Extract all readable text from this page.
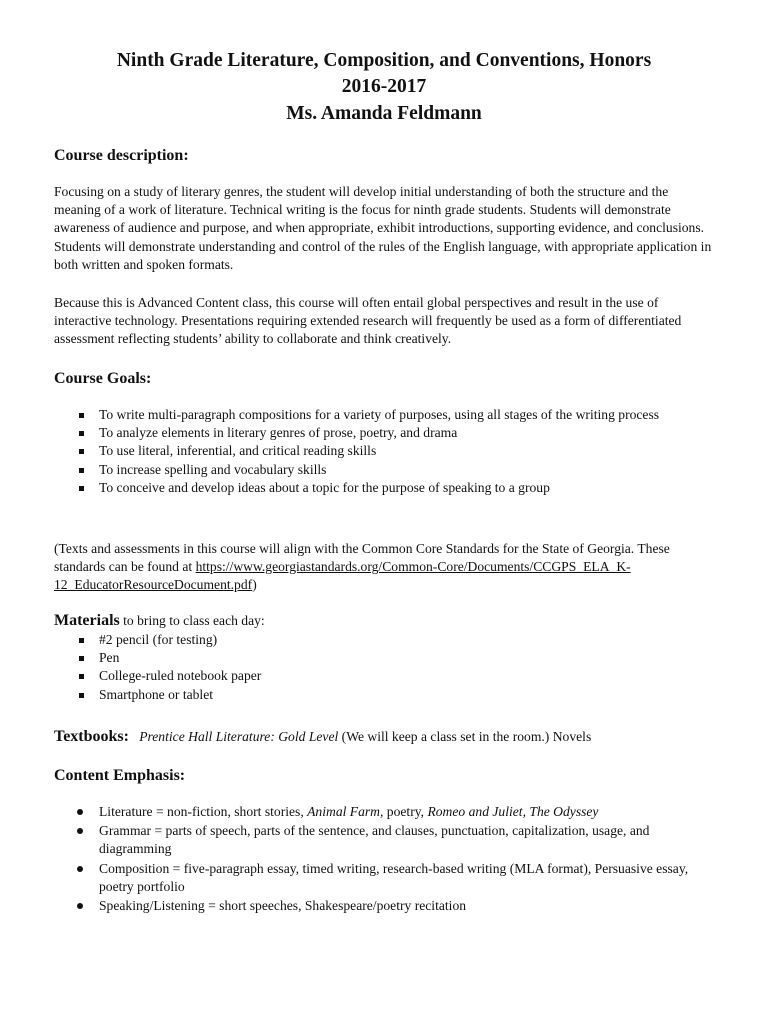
Ninth Grade Literature, Composition, and Conventions, Honors

2016-2017

Ms. Amanda Feldmann

Course description:

Focusing on a study of literary genres, the student will develop initial understanding of both the structure and the meaning of a work of literature. Technical writing is the focus for ninth grade students. Students will demonstrate awareness of audience and purpose, and when appropriate, exhibit introductions, supporting evidence, and conclusions. Students will demonstrate understanding and control of the rules of the English language, with appropriate application in both written and spoken formats.

Because this is Advanced Content class, this course will often entail global perspectives and result in the use of interactive technology. Presentations requiring extended research will frequently be used as a form of differentiated assessment reflecting students’ ability to collaborate and think creatively.

Course Goals:

To write multi-paragraph compositions for a variety of purposes, using all stages of the writing process
To analyze elements in literary genres of prose, poetry, and drama
To use literal, inferential, and critical reading skills
To increase spelling and vocabulary skills
To conceive and develop ideas about a topic for the purpose of speaking to a group

(Texts and assessments in this course will align with the Common Core Standards for the State of Georgia. These standards can be found at https://www.georgiastandards.org/Common-Core/Documents/CCGPS_ELA_K-12_EducatorResourceDocument.pdf)

Materials to bring to class each day:

#2 pencil (for testing)
Pen
College-ruled notebook paper
Smartphone or tablet

Textbooks: Prentice Hall Literature: Gold Level (We will keep a class set in the room.) Novels

Content Emphasis:

Literature = non-fiction, short stories, Animal Farm, poetry, Romeo and Juliet, The Odyssey
Grammar = parts of speech, parts of the sentence, and clauses, punctuation, capitalization, usage, and diagramming
Composition = five-paragraph essay, timed writing, research-based writing (MLA format), Persuasive essay, poetry portfolio
Speaking/Listening = short speeches, Shakespeare/poetry recitation
